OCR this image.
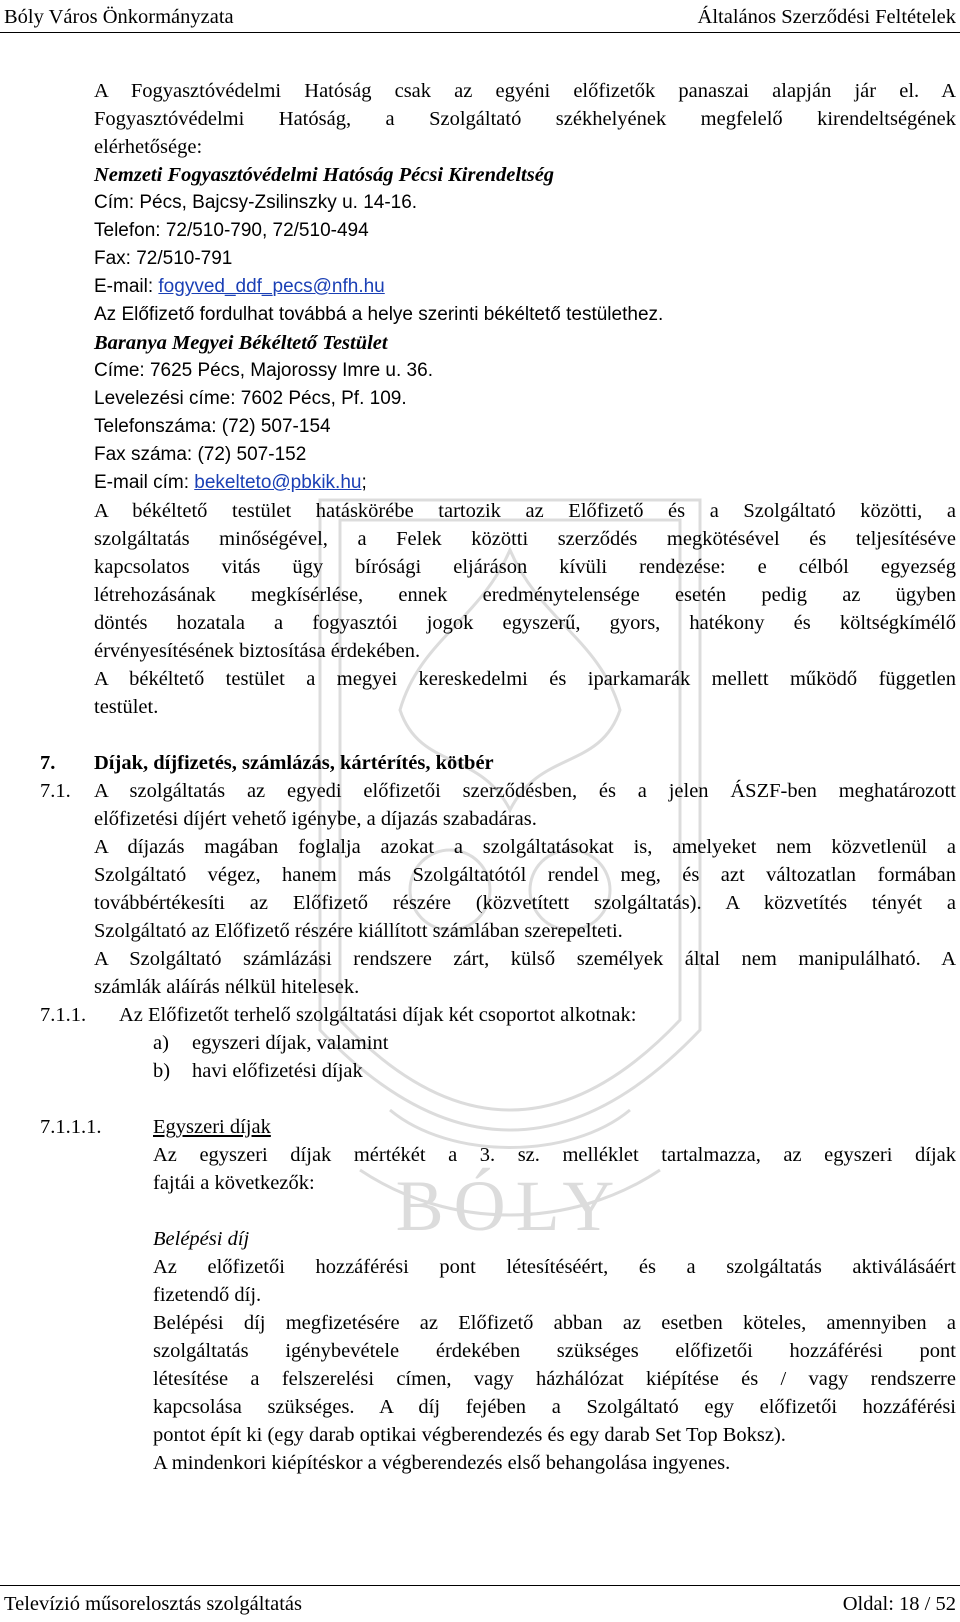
BÓLY
Bóly Város Önkormányzata	Általános Szerződési Feltételek
A Fogyasztóvédelmi Hatóság csak az egyéni előfizetők panaszai alapján jár el. A
Fogyasztóvédelmi Hatóság, a Szolgáltató székhelyének megfelelő kirendeltségének
elérhetősége:
Nemzeti Fogyasztóvédelmi Hatóság Pécsi Kirendeltség
Cím: Pécs, Bajcsy-Zsilinszky u. 14-16.
Telefon: 72/510-790, 72/510-494
Fax: 72/510-791
E-mail: fogyved_ddf_pecs@nfh.hu
Az Előfizető fordulhat továbbá a helye szerinti békéltető testülethez.
Baranya Megyei Békéltető Testület
Címe: 7625 Pécs, Majorossy Imre u. 36.
Levelezési címe: 7602 Pécs, Pf. 109.
Telefonszáma: (72) 507-154
Fax száma: (72) 507-152
E-mail cím: bekelteto@pbkik.hu;
A békéltető testület hatáskörébe tartozik az Előfizető és a Szolgáltató közötti, a
szolgáltatás minőségével, a Felek közötti szerződés megkötésével és teljesítéséve
kapcsolatos vitás ügy bírósági eljáráson kívüli rendezése: e célból egyezség
létrehozásának megkísérlése, ennek eredménytelensége esetén pedig az ügyben
döntés hozatala a fogyasztói jogok egyszerű, gyors, hatékony és költségkímélő
érvényesítésének biztosítása érdekében.
A békéltető testület a megyei kereskedelmi és iparkamarák mellett működő független
testület.
7. Díjak, díjfizetés, számlázás, kártérítés, kötbér
7.1. A szolgáltatás az egyedi előfizetői szerződésben, és a jelen ÁSZF-ben meghatározott
előfizetési díjért vehető igénybe, a díjazás szabadáras.
A díjazás magában foglalja azokat a szolgáltatásokat is, amelyeket nem közvetlenül a
Szolgáltató végez, hanem más Szolgáltatótól rendel meg, és azt változatlan formában
továbbértékesíti az Előfizető részére (közvetített szolgáltatás). A közvetítés tényét a
Szolgáltató az Előfizető részére kiállított számlában szerepelteti.
A Szolgáltató számlázási rendszere zárt, külső személyek által nem manipulálható. A
számlák aláírás nélkül hitelesek.
7.1.1. Az Előfizetőt terhelő szolgáltatási díjak két csoportot alkotnak:
a) egyszeri díjak, valamint
b) havi előfizetési díjak
7.1.1.1.	Egyszeri díjak
Az egyszeri díjak mértékét a 3. sz. melléklet tartalmazza, az egyszeri díjak
fajtái a következők:
Belépési díj
Az előfizetői hozzáférési pont létesítéséért, és a szolgáltatás aktiválásáért
fizetendő díj.
Belépési díj megfizetésére az Előfizető abban az esetben köteles, amennyiben a
szolgáltatás igénybevétele érdekében szükséges előfizetői hozzáférési pont
létesítése a felszerelési címen, vagy házhálózat kiépítése és / vagy rendszerre
kapcsolása szükséges. A díj fejében a Szolgáltató egy előfizetői hozzáférési
pontot épít ki (egy darab optikai végberendezés és egy darab Set Top Boksz).
A mindenkori kiépítéskor a végberendezés első behangolása ingyenes.
Televízió műsorelosztás szolgáltatás	Oldal: 18 / 52
